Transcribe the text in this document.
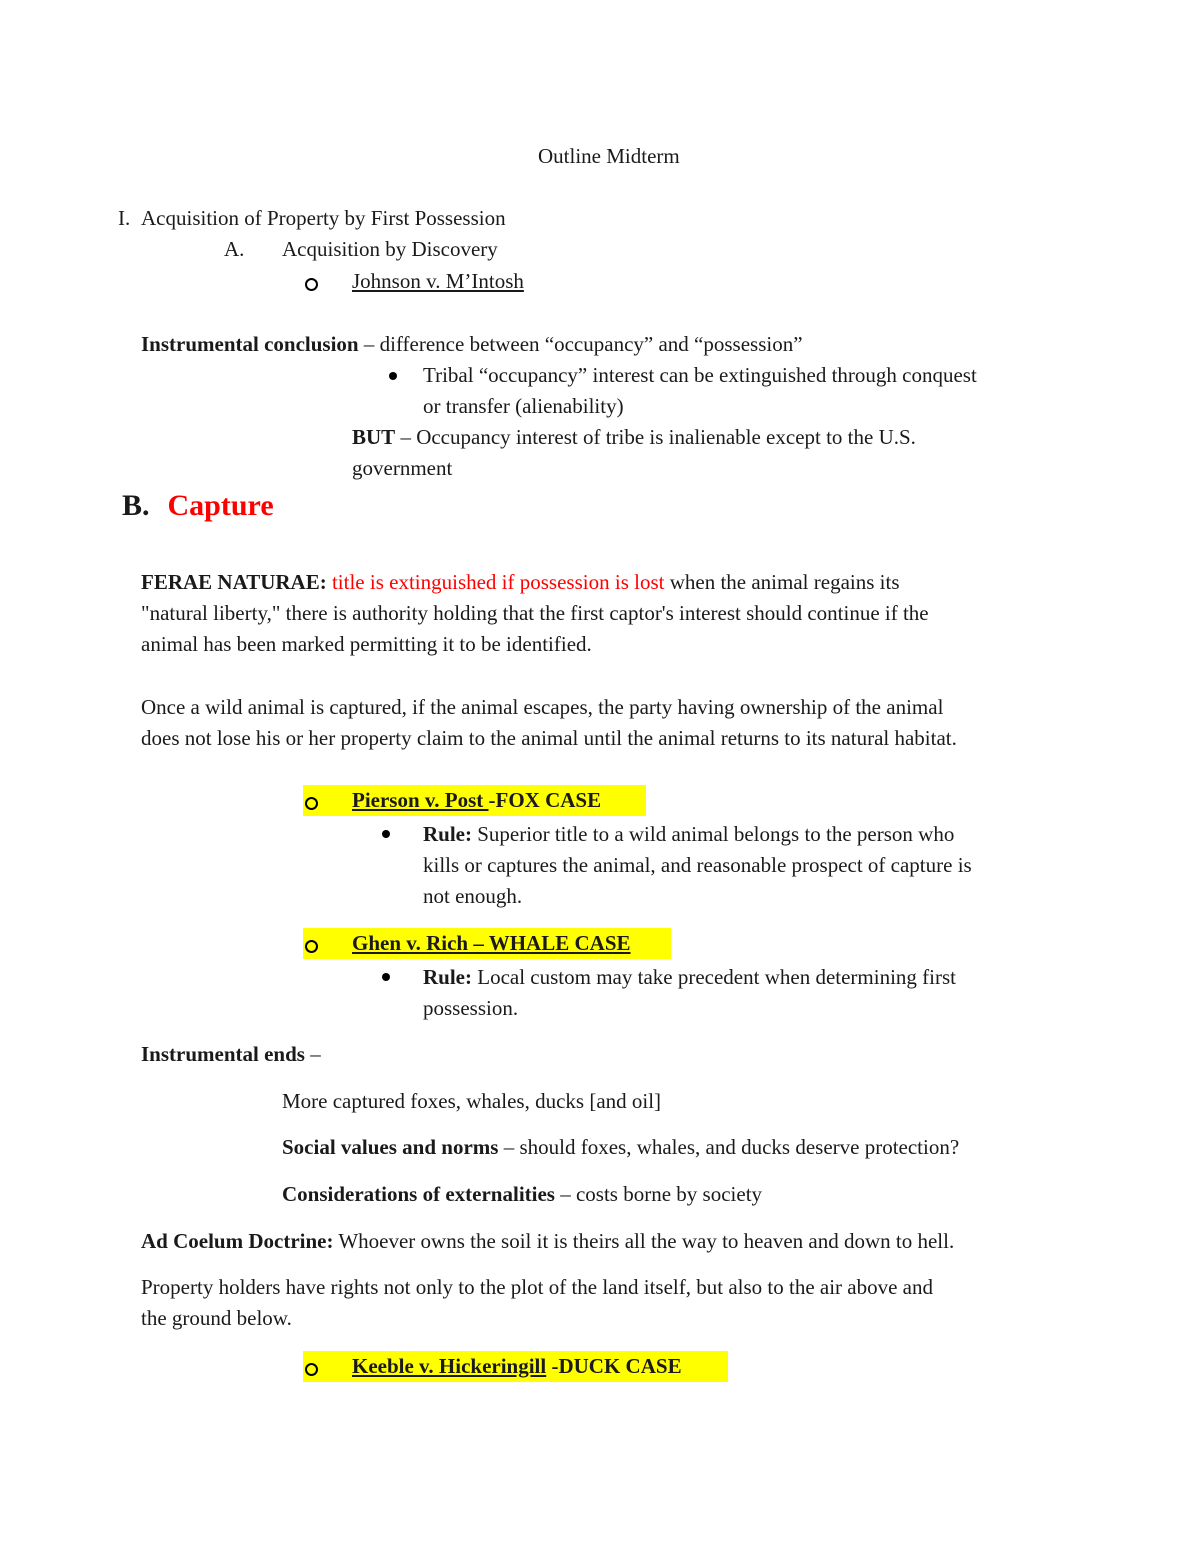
Outline Midterm
I. Acquisition of Property by First Possession
A. Acquisition by Discovery
Johnson v. M’Intosh
Instrumental conclusion – difference between “occupancy” and “possession”
Tribal “occupancy” interest can be extinguished through conquest
or transfer (alienability)
BUT – Occupancy interest of tribe is inalienable except to the U.S.
government
B. Capture
FERAE NATURAE: title is extinguished if possession is lost when the animal regains its
"natural liberty," there is authority holding that the first captor's interest should continue if the
animal has been marked permitting it to be identified.
Once a wild animal is captured, if the animal escapes, the party having ownership of the animal
does not lose his or her property claim to the animal until the animal returns to its natural habitat.
Pierson v. Post -FOX CASE
Rule: Superior title to a wild animal belongs to the person who
kills or captures the animal, and reasonable prospect of capture is
not enough.
Ghen v. Rich – WHALE CASE
Rule: Local custom may take precedent when determining first
possession.
Instrumental ends –
More captured foxes, whales, ducks [and oil]
Social values and norms – should foxes, whales, and ducks deserve protection?
Considerations of externalities – costs borne by society
Ad Coelum Doctrine: Whoever owns the soil it is theirs all the way to heaven and down to hell.
Property holders have rights not only to the plot of the land itself, but also to the air above and
the ground below.
Keeble v. Hickeringill -DUCK CASE
